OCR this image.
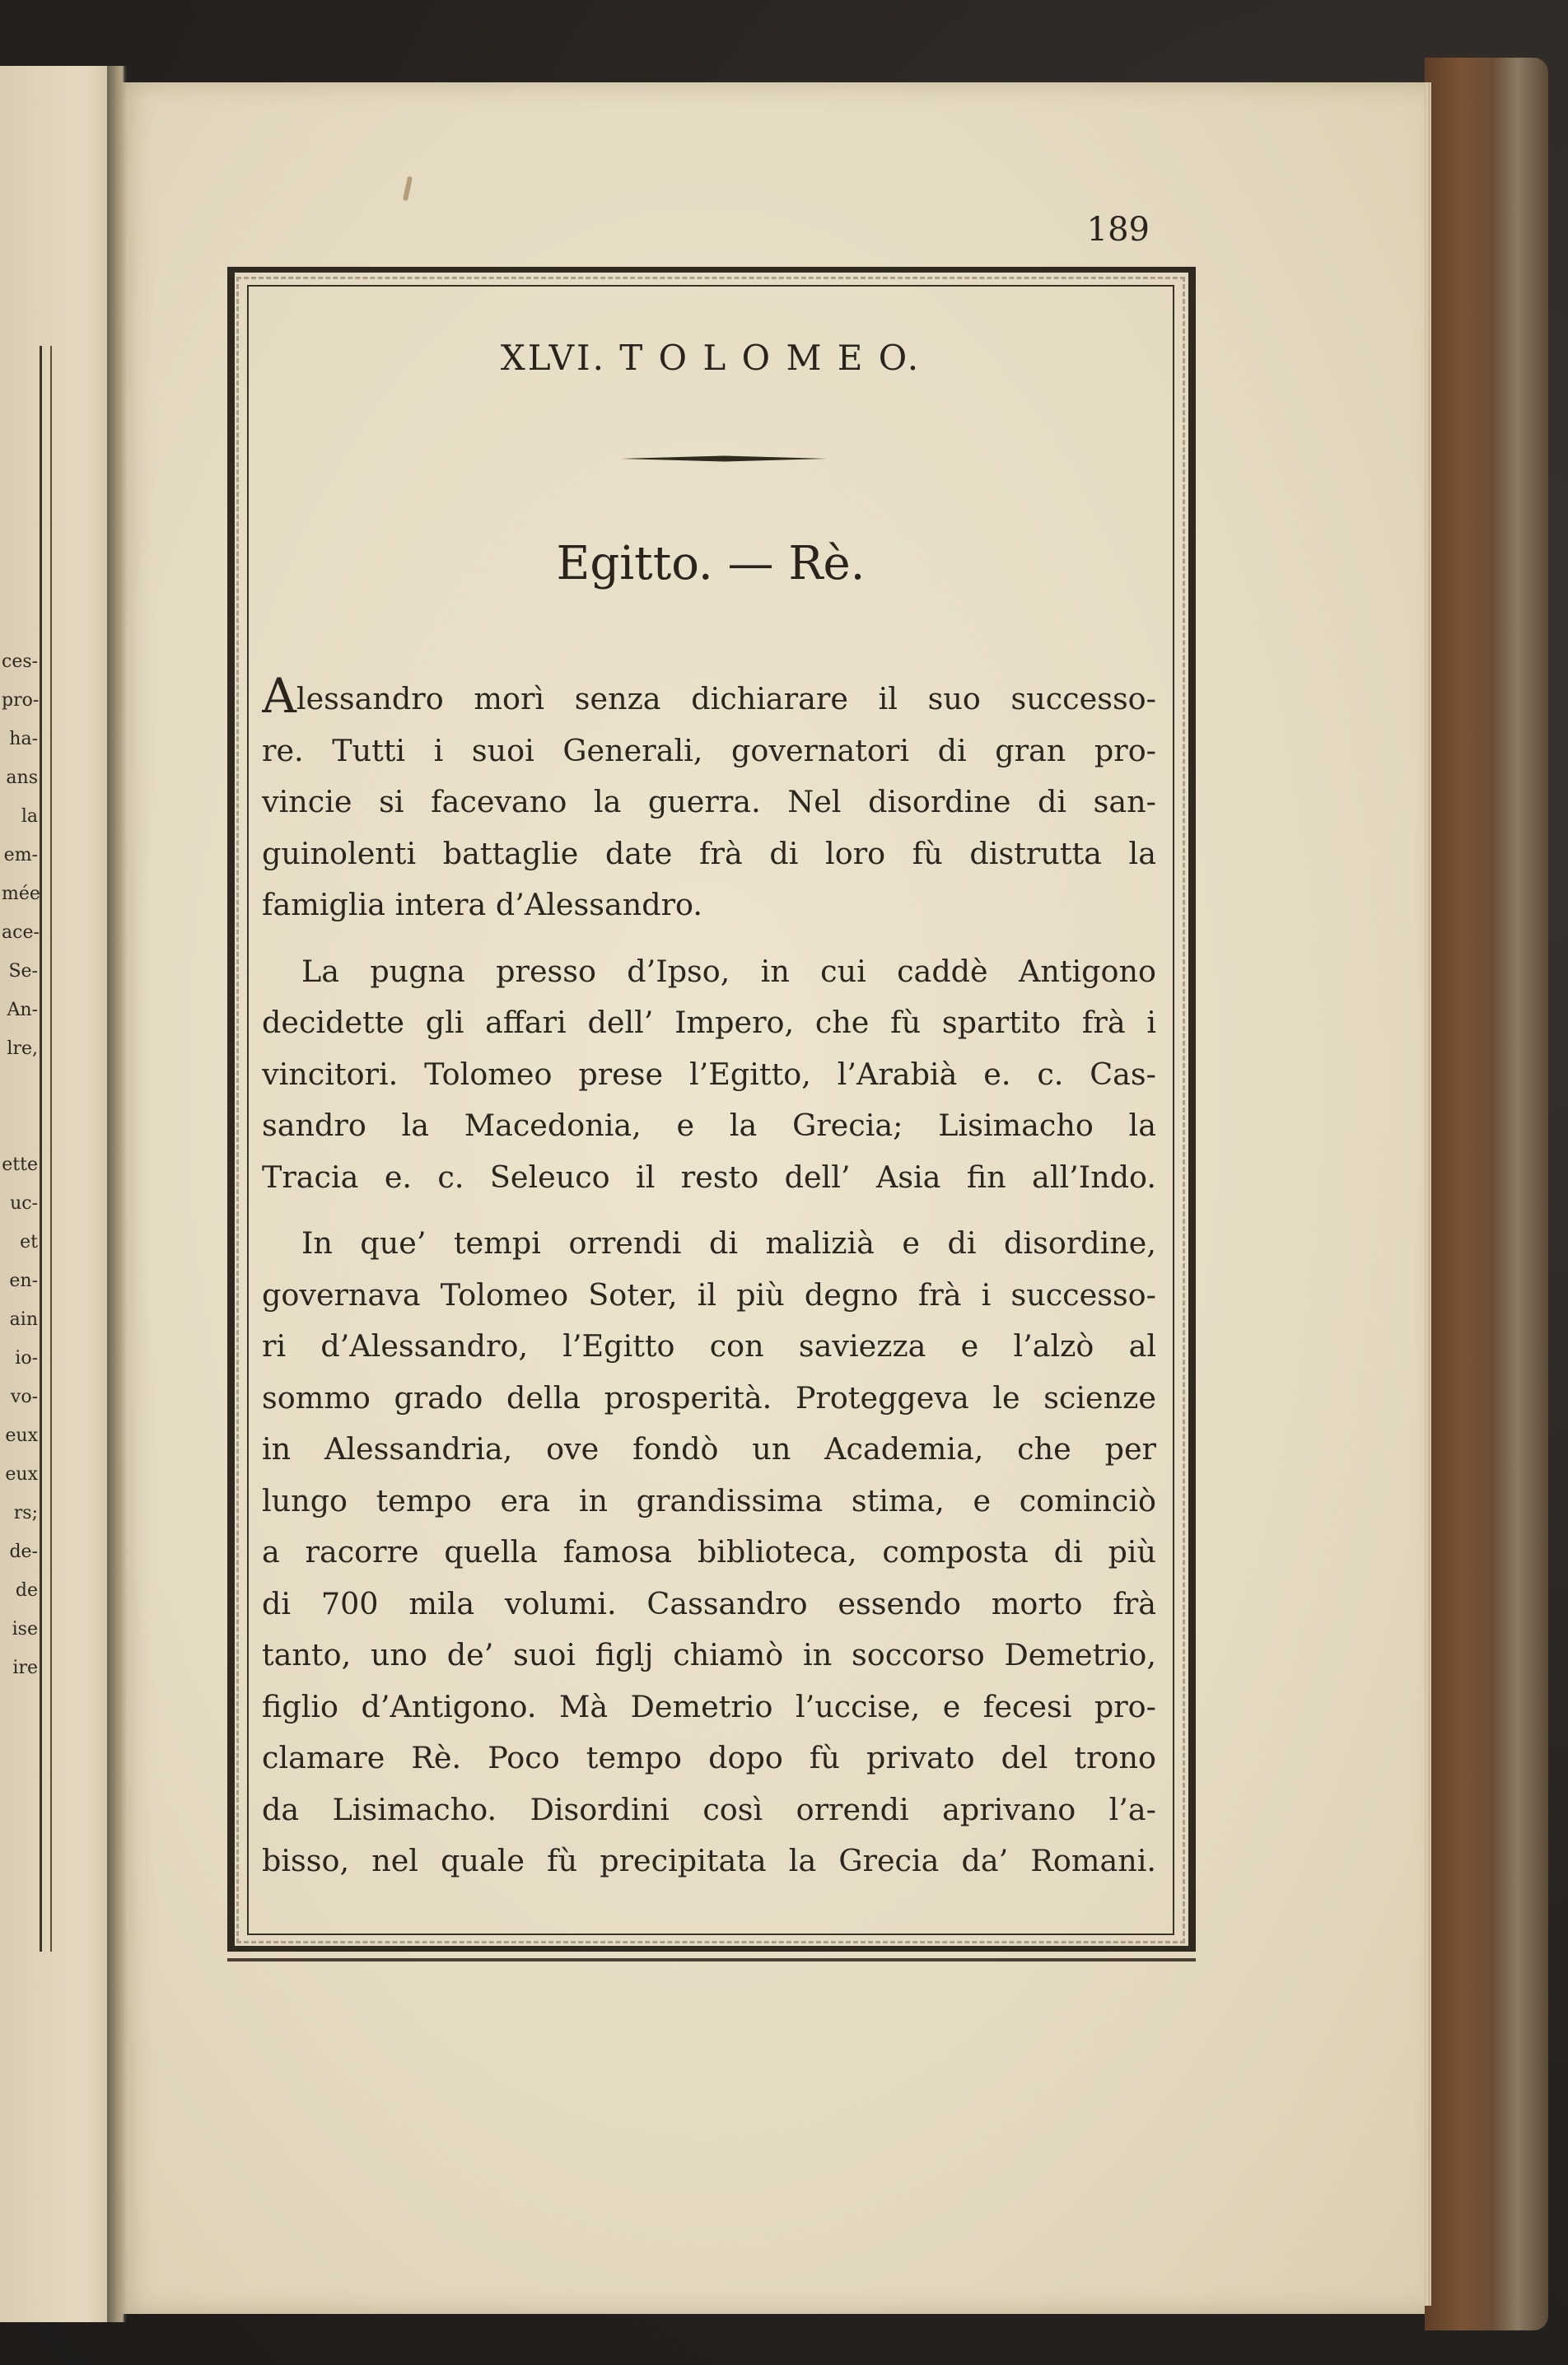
ces-
pro-
ha-
ans
la
em-
mée
ace-
Se-
An-
lre,
ette
uc-
et
en-
ain
io-
vo-
eux
eux
rs;
de-
de
ise
ire
189
XLVI. T O L O M E O.
Egitto. — Rè.
Alessandro morì senza dichiarare il suo successo-
re. Tutti i suoi Generali, governatori di gran pro-
vincie si facevano la guerra. Nel disordine di san-
guinolenti battaglie date frà di loro fù distrutta la
famiglia intera d’Alessandro.
La pugna presso d’Ipso, in cui caddè Antigono
decidette gli affari dell’ Impero, che fù spartito frà i
vincitori. Tolomeo prese l’Egitto, l’Arabià e. c. Cas-
sandro la Macedonia, e la Grecia; Lisimacho la
Tracia e. c. Seleuco il resto dell’ Asia fin all’Indo.
In que’ tempi orrendi di malizià e di disordine,
governava Tolomeo Soter, il più degno frà i successo-
ri d’Alessandro, l’Egitto con saviezza e l’alzò al
sommo grado della prosperità. Proteggeva le scienze
in Alessandria, ove fondò un Academia, che per
lungo tempo era in grandissima stima, e cominciò
a racorre quella famosa biblioteca, composta di più
di 700 mila volumi. Cassandro essendo morto frà
tanto, uno de’ suoi figlj chiamò in soccorso Demetrio,
figlio d’Antigono. Mà Demetrio l’uccise, e fecesi pro-
clamare Rè. Poco tempo dopo fù privato del trono
da Lisimacho. Disordini così orrendi aprivano l’a-
bisso, nel quale fù precipitata la Grecia da’ Romani.
